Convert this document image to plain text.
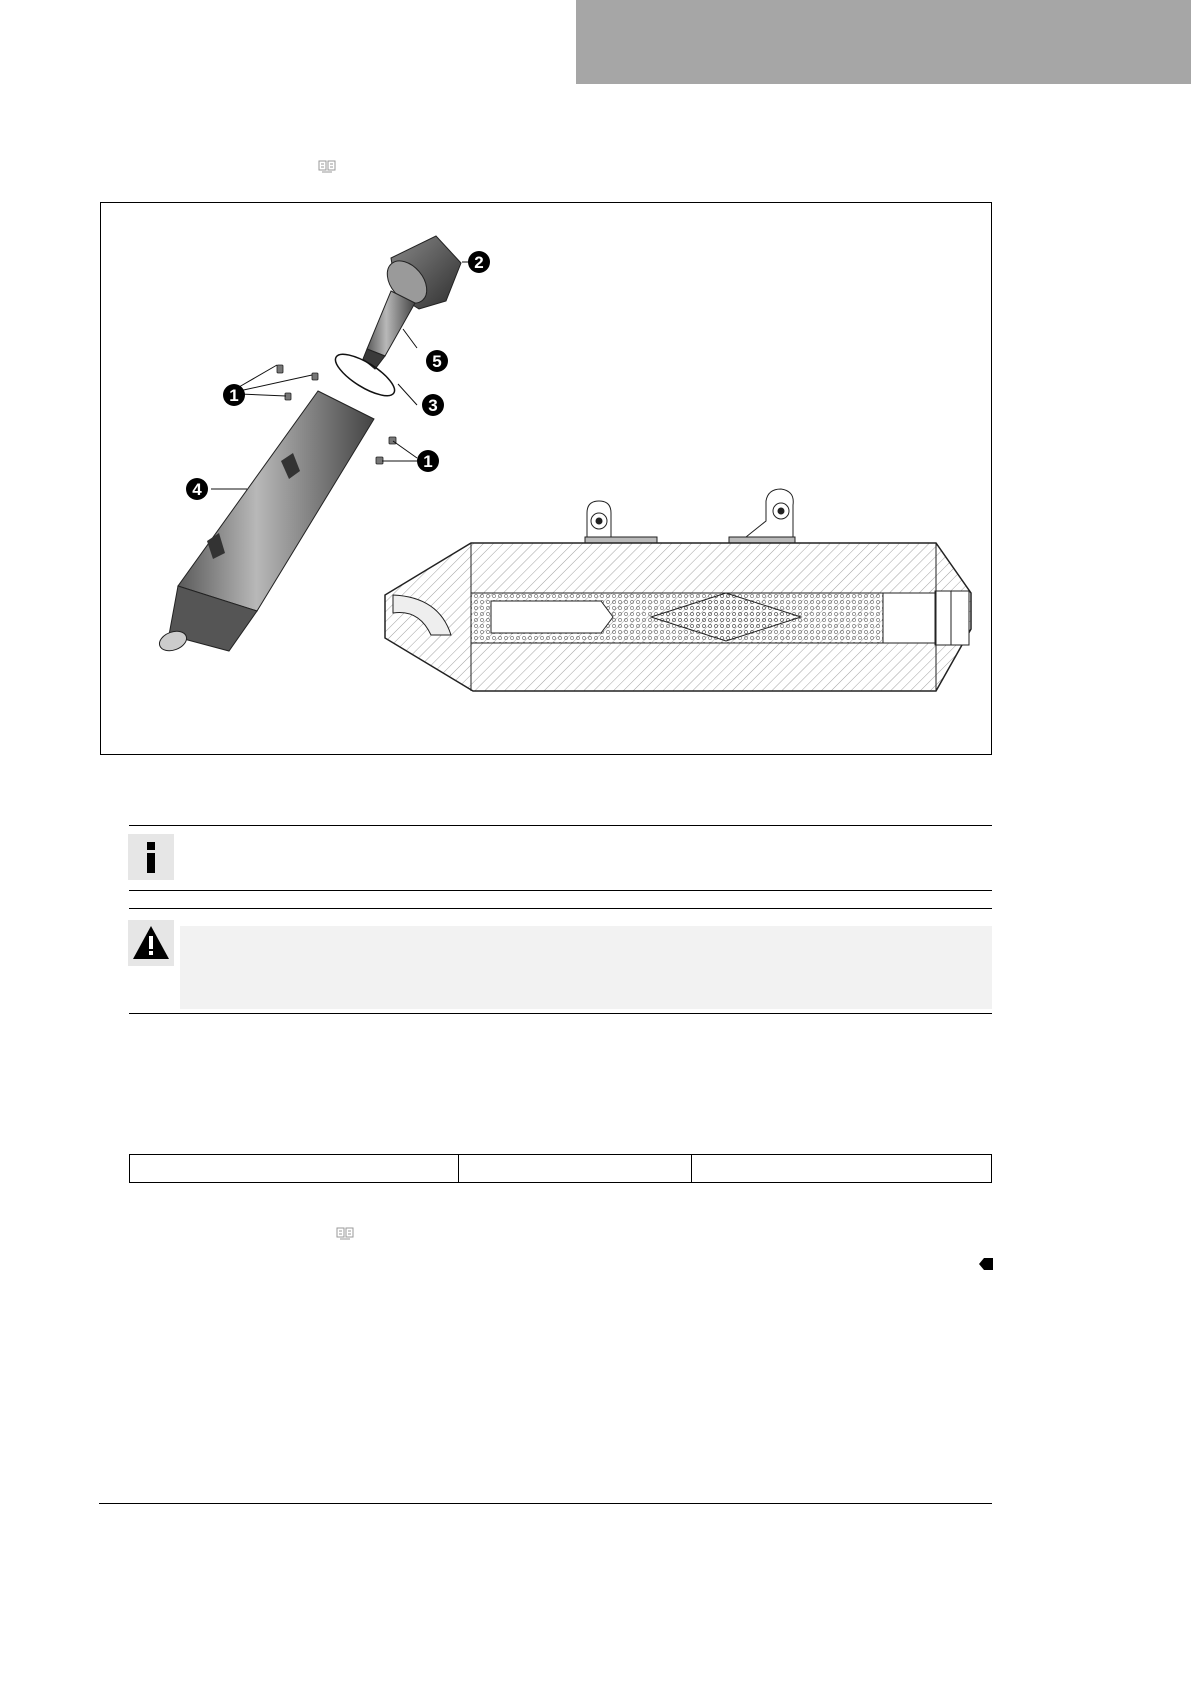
2
5
3
1
1
4
